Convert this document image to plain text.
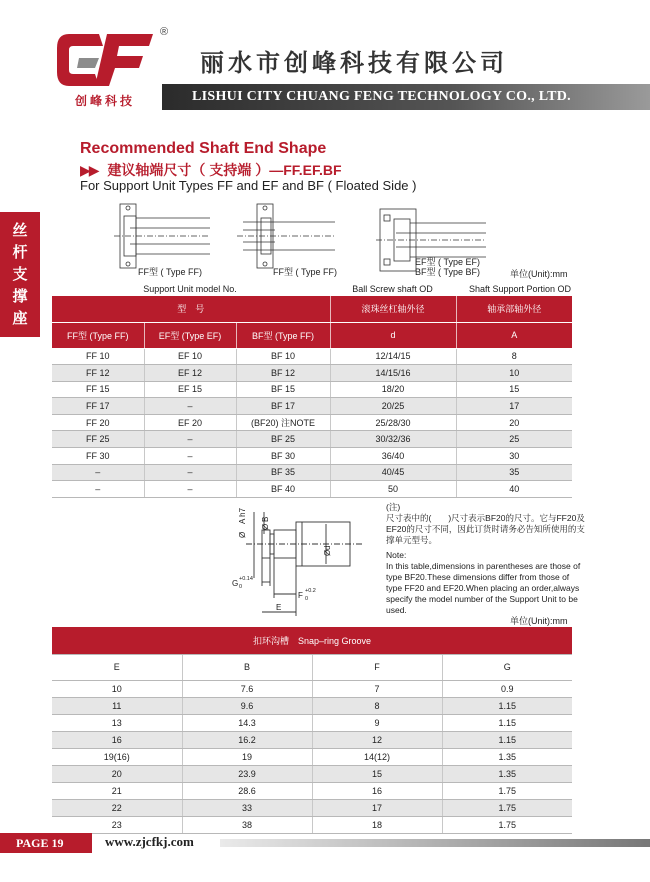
®
创峰科技
丽水市创峰科技有限公司
LISHUI CITY CHUANG FENG TECHNOLOGY CO., LTD.
丝
杆
支
撑
座
Recommended Shaft End Shape
▶▶ 建议轴端尺寸（ 支持端 ）—FF.EF.BF
For Support Unit Types FF and EF and BF ( Floated Side )
FF型 ( Type FF)	FF型 ( Type FF)
EF型 ( Type EF)
BF型 ( Type BF)	单位(Unit):mm
Support Unit model No.	Ball Screw shaft OD	Shaft Support Portion OD
型　号			滚珠丝杠轴外径	轴承部轴外径
FF型 (Type FF)	EF型 (Type EF)	BF型 (Type FF)	d	A
FF 10	EF 10	BF 10	12/14/15	8
FF 12	EF 12	BF 12	14/15/16	10
FF 15	EF 15	BF 15	18/20	15
FF 17	–	BF 17	20/25	17
FF 20	EF 20	(BF20) 注NOTE	25/28/30	20
FF 25	–	BF 25	30/32/36	25
FF 30	–	BF 30	36/40	30
–	–	BF 35	40/45	35
–	–	BF 40	50	40
A h7
Ø
B
Ø
d
Ø
G +0.14
0
F +0.2
0
E

(注)

尺寸表中的(　　)尺寸表示BF20的尺寸。它与FF20及EF20的尺寸不同，因此订货时请务必告知所使用的支撑单元型号。

Note:

In this table,dimensions in parentheses are those of type BF20.These dimensions differ from those of type FF20 and EF20.When placing an order,always specify the model number of the Support Unit to be used.

单位(Unit):mm
扣环沟槽　Snap–ring Groove			
E	B	F	G
10	7.6	7	0.9
11	9.6	8	1.15
13	14.3	9	1.15
16	16.2	12	1.15
19(16)	19	14(12)	1.35
20	23.9	15	1.35
21	28.6	16	1.75
22	33	17	1.75
23	38	18	1.75
PAGE 19	www.zjcfkj.com
